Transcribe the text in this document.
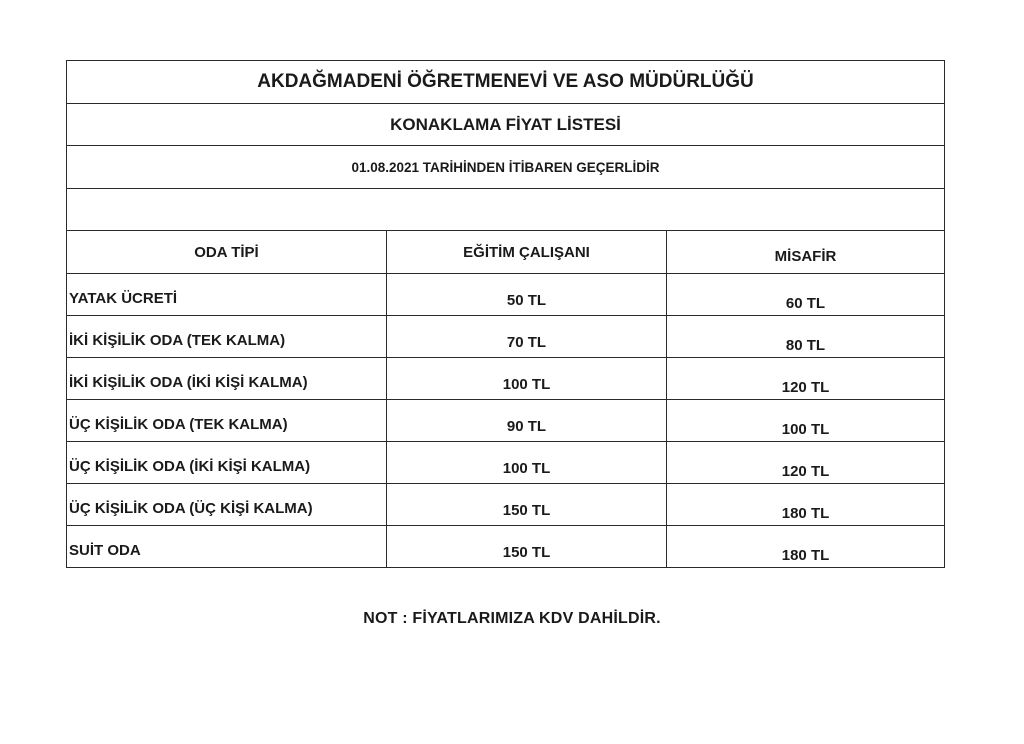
AKDAĞMADENİ ÖĞRETMENEVİ VE ASO MÜDÜRLÜĞÜ		
KONAKLAMA FİYAT LİSTESİ		
01.08.2021 TARİHİNDEN İTİBAREN GEÇERLİDİR		

ODA TİPİ	EĞİTİM ÇALIŞANI	MİSAFİR
YATAK ÜCRETİ	50 TL	60 TL
İKİ KİŞİLİK ODA (TEK KALMA)	70 TL	80 TL
İKİ KİŞİLİK ODA (İKİ KİŞİ KALMA)	100 TL	120 TL
ÜÇ KİŞİLİK ODA (TEK KALMA)	90 TL	100 TL
ÜÇ KİŞİLİK ODA (İKİ KİŞİ KALMA)	100 TL	120 TL
ÜÇ KİŞİLİK ODA (ÜÇ KİŞİ KALMA)	150 TL	180 TL
SUİT ODA	150 TL	180 TL
NOT : FİYATLARIMIZA KDV DAHİLDİR.
